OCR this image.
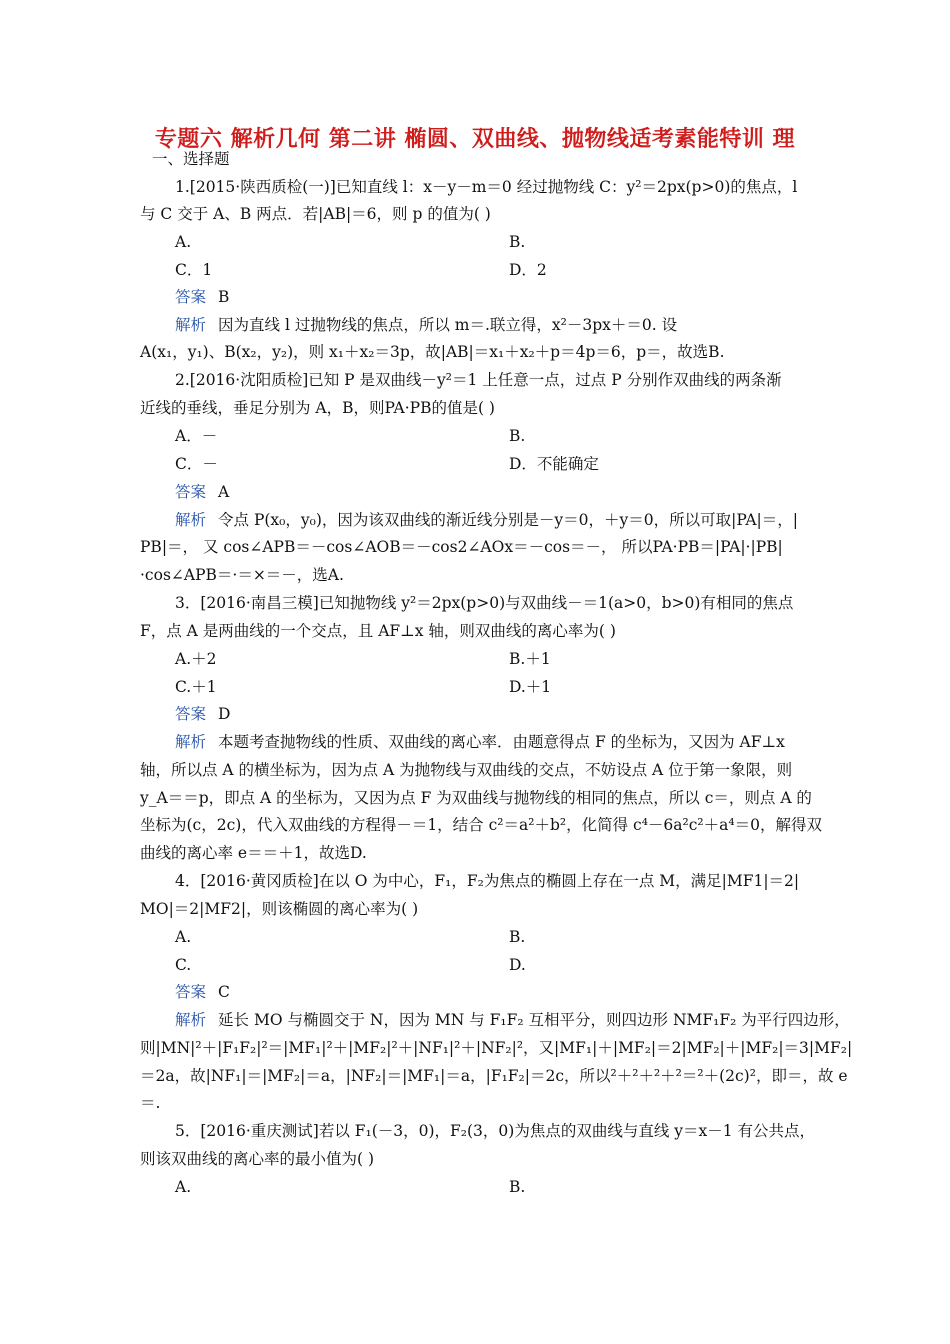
专题六 解析几何 第二讲 椭圆、双曲线、抛物线适考素能特训 理
一、选择题
1.[2015·陕西质检(一)]已知直线 l：x－y－m＝0 经过抛物线 C：y²＝2px(p>0)的焦点，l
与 C 交于 A、B 两点．若|AB|＝6，则 p 的值为( )
A.	B.
C．1	D．2
答案 B
解析 因为直线 l 过抛物线的焦点，所以 m＝.联立得，x²－3px＋＝0. 设
A(x₁，y₁)、B(x₂，y₂)，则 x₁＋x₂＝3p，故|AB|＝x₁＋x₂＋p＝4p＝6，p＝，故选B.
2.[2016·沈阳质检]已知 P 是双曲线－y²＝1 上任意一点，过点 P 分别作双曲线的两条渐
近线的垂线，垂足分别为 A，B，则PA·PB的值是( )
A．－	B.
C．－	D．不能确定
答案 A
解析 令点 P(x₀，y₀)，因为该双曲线的渐近线分别是－y＝0，＋y＝0，所以可取|PA|＝，|
PB|＝， 又 cos∠APB＝－cos∠AOB＝－cos2∠AOx＝－cos＝－， 所以PA·PB＝|PA|·|PB|
·cos∠APB＝·＝×＝－，选A.
3．[2016·南昌三模]已知抛物线 y²＝2px(p>0)与双曲线－＝1(a>0，b>0)有相同的焦点
F，点 A 是两曲线的一个交点，且 AF⊥x 轴，则双曲线的离心率为( )
A.＋2	B.＋1
C.＋1	D.＋1
答案 D
解析 本题考查抛物线的性质、双曲线的离心率．由题意得点 F 的坐标为，又因为 AF⊥x
轴，所以点 A 的横坐标为，因为点 A 为抛物线与双曲线的交点，不妨设点 A 位于第一象限，则
y_A＝＝p，即点 A 的坐标为，又因为点 F 为双曲线与抛物线的相同的焦点，所以 c＝，则点 A 的
坐标为(c，2c)，代入双曲线的方程得－＝1，结合 c²＝a²＋b²，化简得 c⁴－6a²c²＋a⁴＝0，解得双
曲线的离心率 e＝＝＋1，故选D.
4．[2016·黄冈质检]在以 O 为中心，F₁，F₂为焦点的椭圆上存在一点 M，满足|MF1|＝2|
MO|＝2|MF2|，则该椭圆的离心率为( )
A.	B.
C.	D.
答案 C
解析 延长 MO 与椭圆交于 N，因为 MN 与 F₁F₂ 互相平分，则四边形 NMF₁F₂ 为平行四边形，
则|MN|²＋|F₁F₂|²＝|MF₁|²＋|MF₂|²＋|NF₁|²＋|NF₂|²，又|MF₁|＋|MF₂|＝2|MF₂|＋|MF₂|＝3|MF₂|
＝2a，故|NF₁|＝|MF₂|＝a，|NF₂|＝|MF₁|＝a，|F₁F₂|＝2c，所以²＋²＋²＋²＝²＋(2c)²，即＝，故 e
＝.
5．[2016·重庆测试]若以 F₁(－3，0)，F₂(3，0)为焦点的双曲线与直线 y＝x－1 有公共点，
则该双曲线的离心率的最小值为( )
A.	B.
